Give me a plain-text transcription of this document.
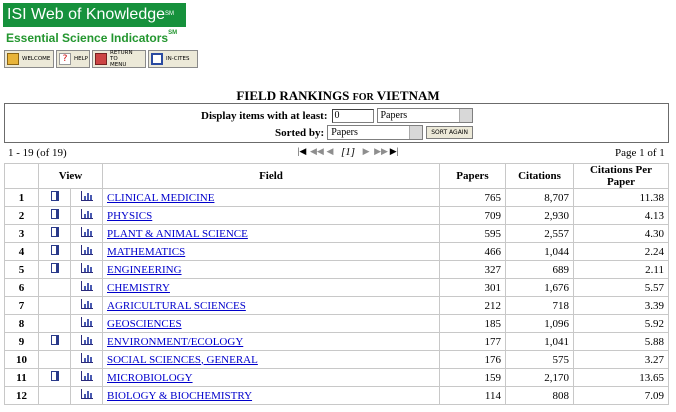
ISI Web of Knowledge℠
Essential Science Indicators℠
WELCOME	?	HELP
RETURN TO
MENU
IN-CITES
FIELD RANKINGS FOR VIETNAM
Display items with at least: 0	Papers
Sorted by: Papers	SORT AGAIN
1 - 19 (of 19)	|◀ ◀◀ ◀ [1] ▶ ▶▶ ▶|	Page 1 of 1
	View		Field	Papers	Citations	Citations Per Paper
1			CLINICAL MEDICINE	765	8,707	11.38
2			PHYSICS	709	2,930	4.13
3			PLANT & ANIMAL SCIENCE	595	2,557	4.30
4			MATHEMATICS	466	1,044	2.24
5			ENGINEERING	327	689	2.11
6			CHEMISTRY	301	1,676	5.57
7			AGRICULTURAL SCIENCES	212	718	3.39
8			GEOSCIENCES	185	1,096	5.92
9			ENVIRONMENT/ECOLOGY	177	1,041	5.88
10			SOCIAL SCIENCES, GENERAL	176	575	3.27
11			MICROBIOLOGY	159	2,170	13.65
12			BIOLOGY & BIOCHEMISTRY	114	808	7.09
